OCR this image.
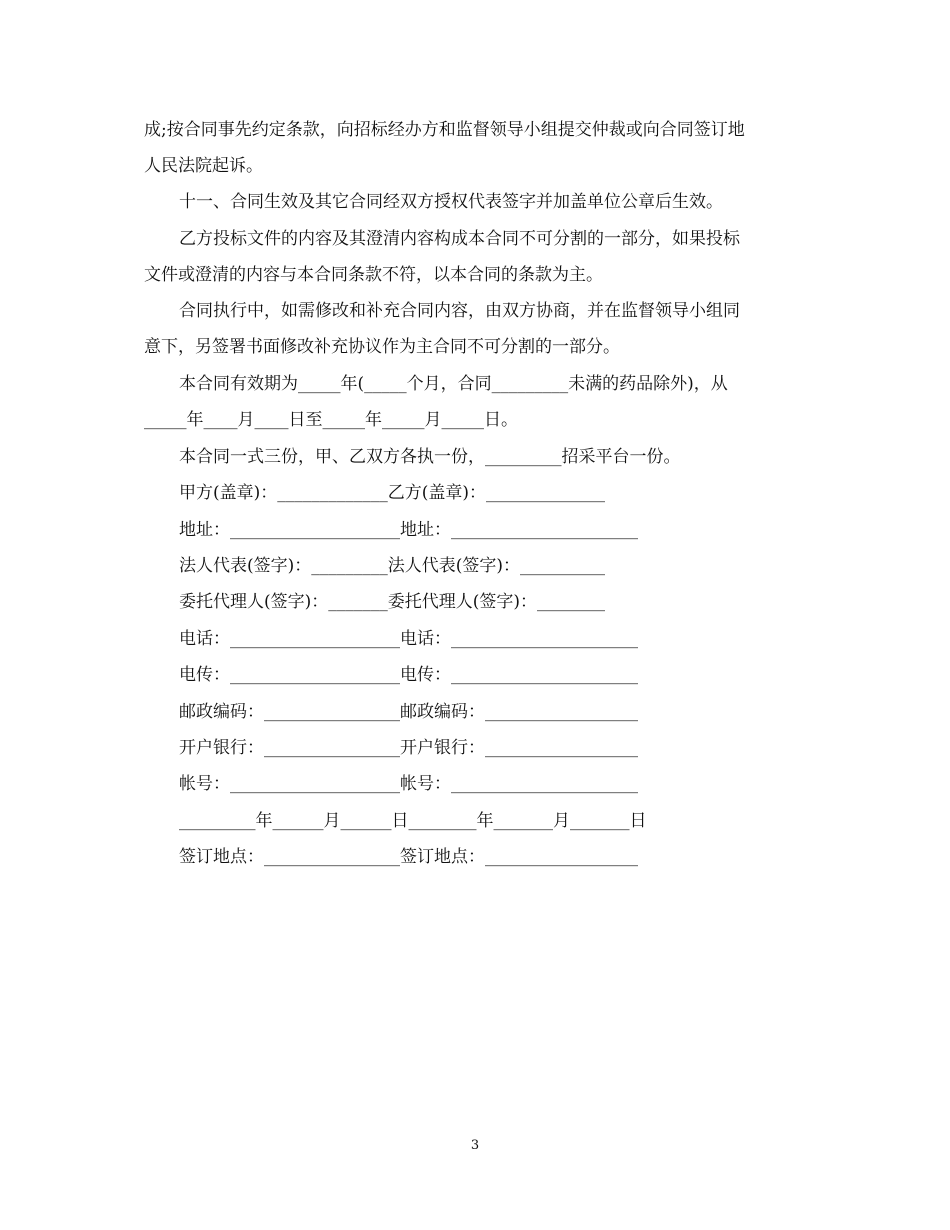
成;按合同事先约定条款，向招标经办方和监督领导小组提交仲裁或向合同签订地
人民法院起诉。
十一、合同生效及其它合同经双方授权代表签字并加盖单位公章后生效。
乙方投标文件的内容及其澄清内容构成本合同不可分割的一部分，如果投标
文件或澄清的内容与本合同条款不符，以本合同的条款为主。
合同执行中，如需修改和补充合同内容，由双方协商，并在监督领导小组同
意下，另签署书面修改补充协议作为主合同不可分割的一部分。
本合同有效期为_____年(_____个月，合同_________未满的药品除外)，从
_____年____月____日至_____年_____月_____日。
本合同一式三份，甲、乙双方各执一份，_________招采平台一份。
甲方(盖章)：_____________乙方(盖章)：______________
地址：____________________地址：______________________
法人代表(签字)：_________法人代表(签字)：__________
委托代理人(签字)：_______委托代理人(签字)：________
电话：____________________电话：______________________
电传：____________________电传：______________________
邮政编码：________________邮政编码：__________________
开户银行：________________开户银行：__________________
帐号：____________________帐号：______________________
_________年______月______日________年_______月_______日
签订地点：________________签订地点：__________________
3
